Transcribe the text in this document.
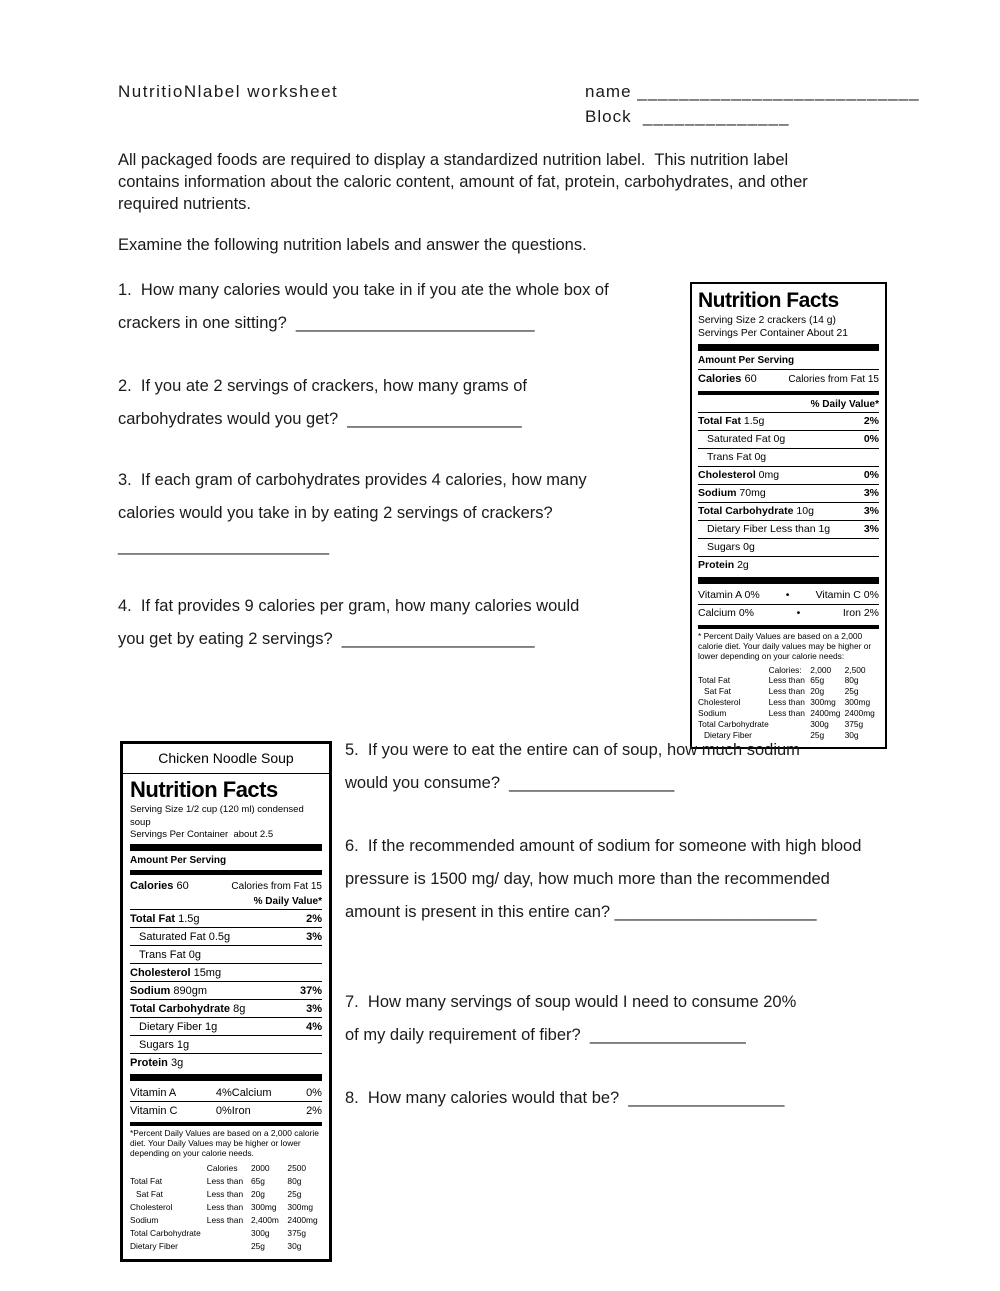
NutritioNlabel worksheet	name ___________________________
Block ______________
All packaged foods are required to display a standardized nutrition label.  This nutrition label contains information about the caloric content, amount of fat, protein, carbohydrates, and other required nutrients.
Examine the following nutrition labels and answer the questions.
1.  How many calories would you take in if you ate the whole box of crackers in one sitting?  __________________________
2.  If you ate 2 servings of crackers, how many grams of carbohydrates would you get?  ___________________
3.  If each gram of carbohydrates provides 4 calories, how many calories would you take in by eating 2 servings of crackers?  _______________________
4.  If fat provides 9 calories per gram, how many calories would you get by eating 2 servings?  _____________________
Nutrition Facts
Serving Size 2 crackers (14 g)
Servings Per Container About 21
Amount Per Serving
Calories 60	Calories from Fat 15
% Daily Value*
Total Fat 1.5g	2%
Saturated Fat 0g	0%
Trans Fat 0g
Cholesterol 0mg	0%
Sodium 70mg	3%
Total Carbohydrate 10g	3%
Dietary Fiber Less than 1g	3%
Sugars 0g
Protein 2g
Vitamin A 0% • Vitamin C 0%
Calcium 0%	•	Iron 2%
* Percent Daily Values are based on a 2,000 calorie diet. Your daily values may be higher or lower depending on your calorie needs:
Calories:	2,000	2,500
Total Fat	Less than 65g	80g
Sat Fat	Less than 20g	25g
Cholesterol	Less than 300mg	300mg
Sodium	Less than 2400mg 2400mg
Total Carbohydrate	300g	375g
Dietary Fiber	25g	30g
Chicken Noodle Soup
Nutrition Facts
Serving Size 1/2 cup (120 ml) condensed soup
Servings Per Container  about 2.5
Amount Per Serving
Calories 60	Calories from Fat 15
% Daily Value*
Total Fat 1.5g	2%
Saturated Fat 0.5g	3%
Trans Fat 0g
Cholesterol 15mg
Sodium 890gm	37%
Total Carbohydrate 8g	3%
Dietary Fiber 1g	4%
Sugars 1g
Protein 3g
Vitamin A	4% Calcium	0%
Vitamin C	0% Iron	2%
*Percent Daily Values are based on a 2,000 calorie diet. Your Daily Values may be higher or lower depending on your calorie needs.
Calories	2000	2500
Total Fat	Less than 65g	80g
Sat Fat	Less than 20g	25g
Cholesterol	Less than 300mg	300mg
Sodium	Less than 2,400m	2400mg
Total Carbohydrate	300g	375g
Dietary Fiber	25g	30g
5.  If you were to eat the entire can of soup, how much sodium would you consume?  __________________
6.  If the recommended amount of sodium for someone with high blood pressure is 1500 mg/ day, how much more than the recommended amount is present in this entire can? ______________________
7.  How many servings of soup would I need to consume 20% of my daily requirement of fiber?  _________________
8.  How many calories would that be?  _________________
